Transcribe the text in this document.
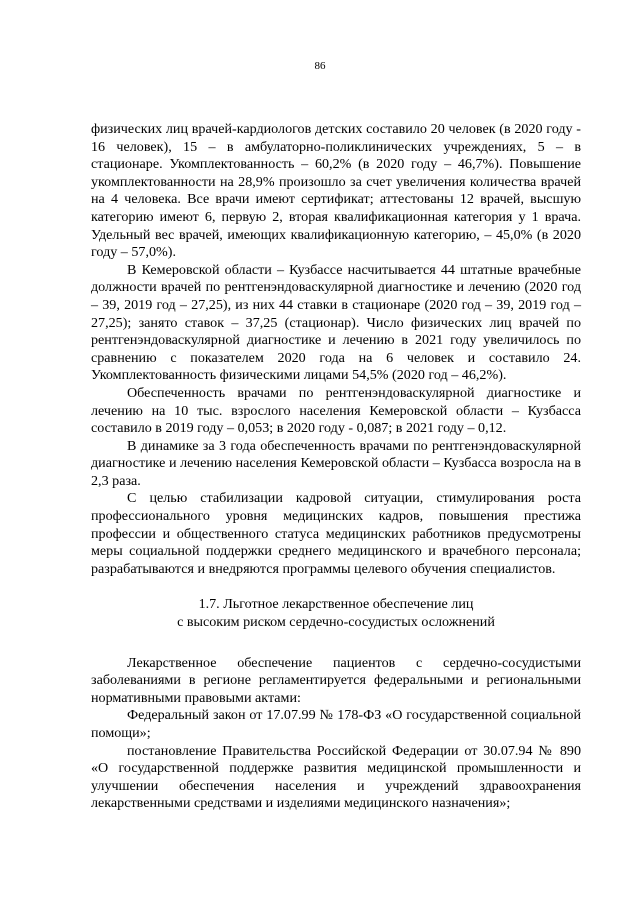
86

физических лиц врачей-кардиологов детских составило 20 человек (в 2020 году - 16 человек), 15 – в амбулаторно-поликлинических учреждениях, 5 – в стационаре. Укомплектованность – 60,2% (в 2020 году – 46,7%). Повышение укомплектованности на 28,9% произошло за счет увеличения количества врачей на 4 человека. Все врачи имеют сертификат; аттестованы 12 врачей, высшую категорию имеют 6, первую 2, вторая квалификационная категория у 1 врача. Удельный вес врачей, имеющих квалификационную категорию, – 45,0% (в 2020 году – 57,0%).

В Кемеровской области – Кузбассе насчитывается 44 штатные врачебные должности врачей по рентгенэндоваскулярной диагностике и лечению (2020 год – 39, 2019 год – 27,25), из них 44 ставки в стационаре (2020 год – 39, 2019 год – 27,25); занято ставок – 37,25 (стационар). Число физических лиц врачей по рентгенэндоваскулярной диагностике и лечению в 2021 году увеличилось по сравнению с показателем 2020 года на 6 человек и составило 24. Укомплектованность физическими лицами 54,5% (2020 год – 46,2%).

Обеспеченность врачами по рентгенэндоваскулярной диагностике и лечению на 10 тыс. взрослого населения Кемеровской области – Кузбасса составило в 2019 году – 0,053; в 2020 году - 0,087; в 2021 году – 0,12.

В динамике за 3 года обеспеченность врачами по рентгенэндоваскулярной диагностике и лечению населения Кемеровской области – Кузбасса возросла на в 2,3 раза.

С целью стабилизации кадровой ситуации, стимулирования роста профессионального уровня медицинских кадров, повышения престижа профессии и общественного статуса медицинских работников предусмотрены меры социальной поддержки среднего медицинского и врачебного персонала; разрабатываются и внедряются программы целевого обучения специалистов.

1.7. Льготное лекарственное обеспечение лиц
с высоким риском сердечно-сосудистых осложнений

Лекарственное обеспечение пациентов с сердечно-сосудистыми заболеваниями в регионе регламентируется федеральными и региональными нормативными правовыми актами:

Федеральный закон от 17.07.99 № 178-ФЗ «О государственной социальной помощи»;

постановление Правительства Российской Федерации от 30.07.94 № 890 «О государственной поддержке развития медицинской промышленности и улучшении обеспечения населения и учреждений здравоохранения лекарственными средствами и изделиями медицинского назначения»;
